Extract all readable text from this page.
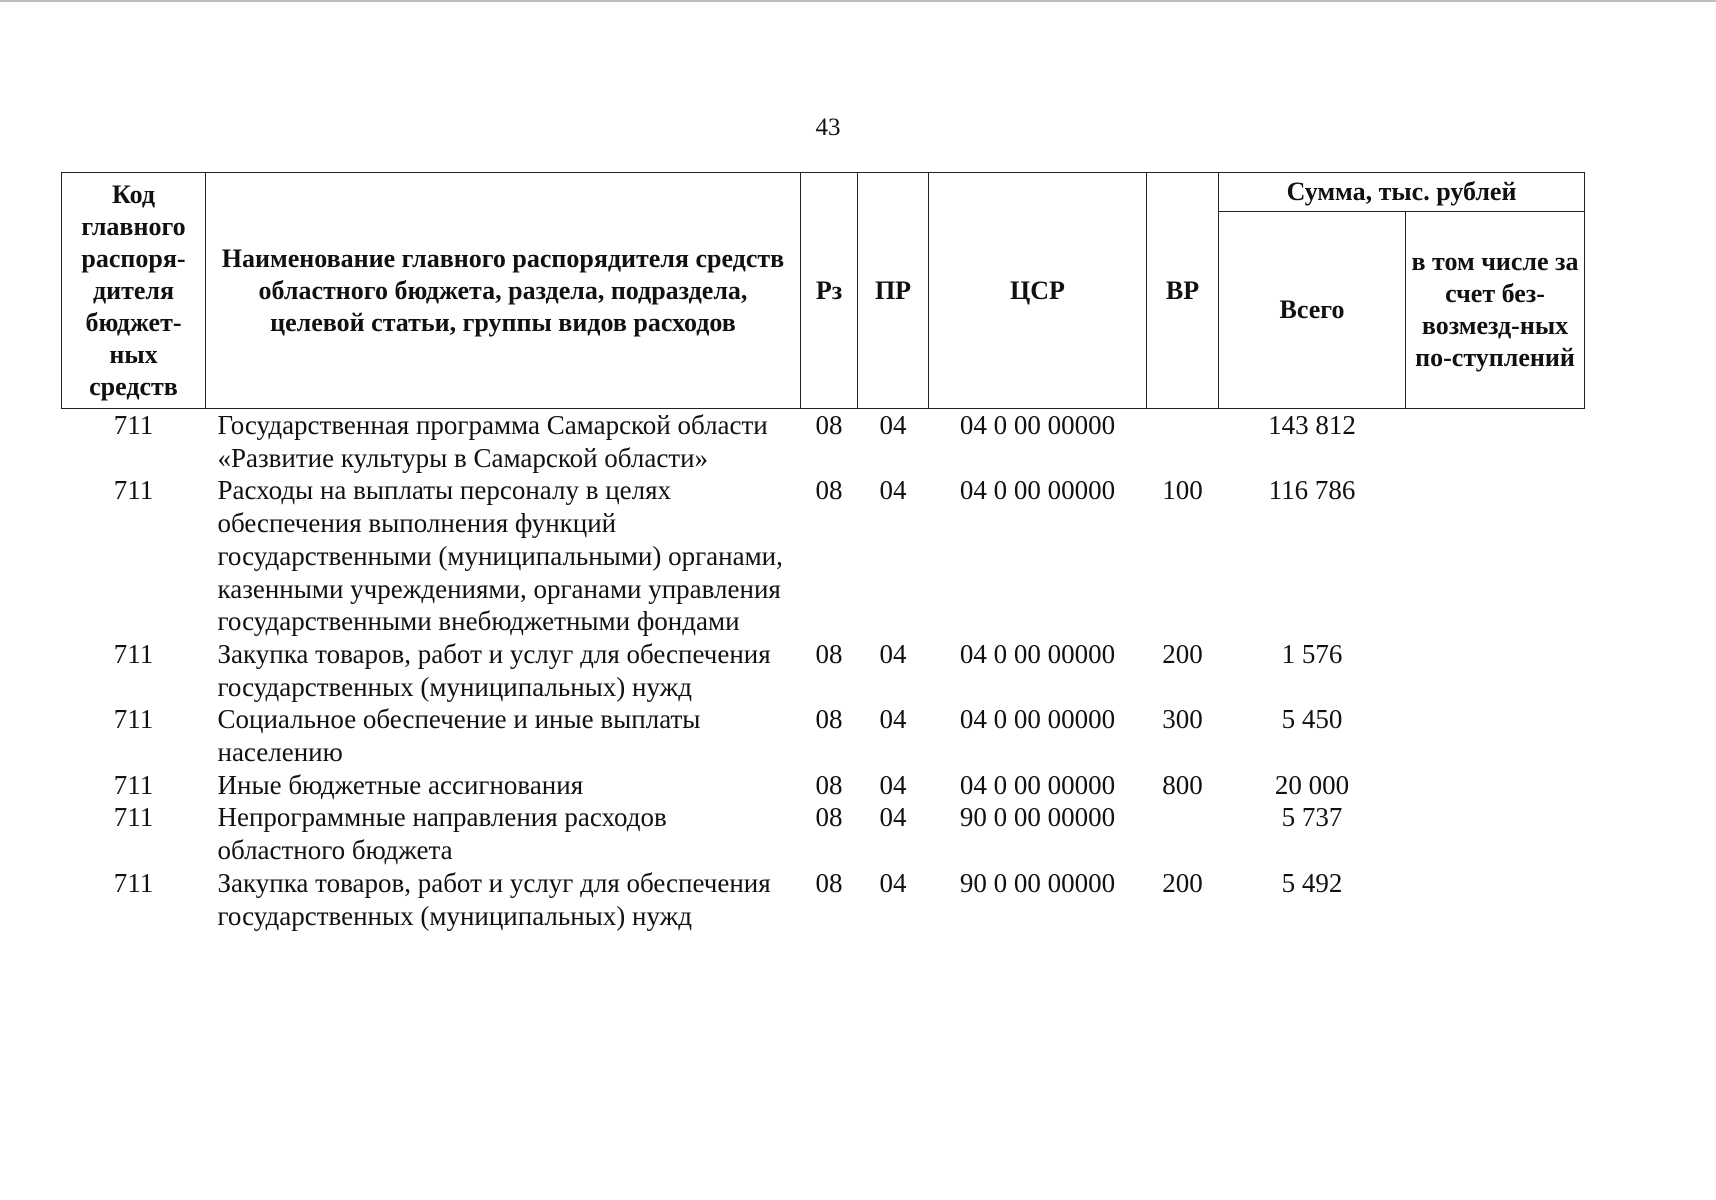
43
Код главного распоря-дителя бюджет-ных средств	Наименование главного распорядителя средств областного бюджета, раздела, подраздела, целевой статьи, группы видов расходов	Рз	ПР	ЦСР	ВР	Сумма, тыс. рублей	
						Всего	в том числе за счет без-возмезд-ных по-ступлений
711	Государственная программа Самарской области «Развитие культуры в Самарской области»	08	04	04 0 00 00000		143 812	
711	Расходы на выплаты персоналу в целях обеспечения выполнения функций государственными (муниципальными) органами, казенными учреждениями, органами управления государственными внебюджетными фондами	08	04	04 0 00 00000	100	116 786	
711	Закупка товаров, работ и услуг для обеспечения государственных (муниципальных) нужд	08	04	04 0 00 00000	200	1 576	
711	Социальное обеспечение и иные выплаты населению	08	04	04 0 00 00000	300	5 450	
711	Иные бюджетные ассигнования	08	04	04 0 00 00000	800	20 000	
711	Непрограммные направления расходов областного бюджета	08	04	90 0 00 00000		5 737	
711	Закупка товаров, работ и услуг для обеспечения государственных (муниципальных) нужд	08	04	90 0 00 00000	200	5 492	
